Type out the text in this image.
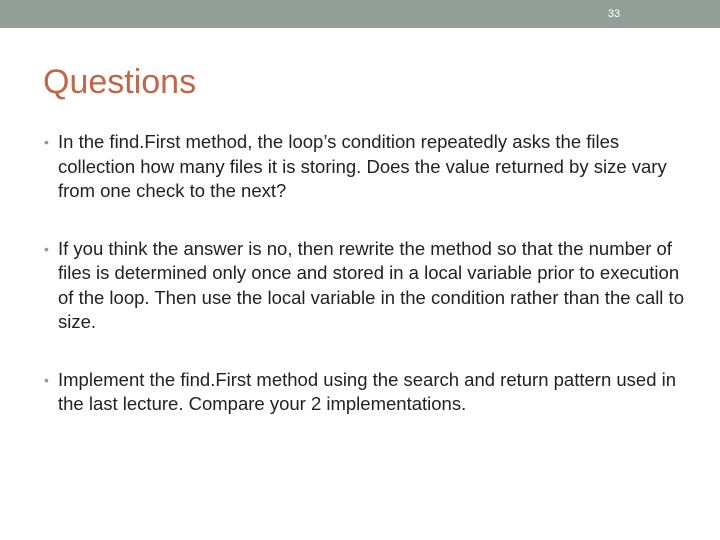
33
Questions
• In the find.First method, the loop’s condition repeatedly asks the files collection how many files it is storing. Does the value returned by size vary from one check to the next?
• If you think the answer is no, then rewrite the method so that the number of files is determined only once and stored in a local variable prior to execution of the loop. Then use the local variable in the condition rather than the call to size.
• Implement the find.First method using the search and return pattern used in the last lecture. Compare your 2 implementations.
